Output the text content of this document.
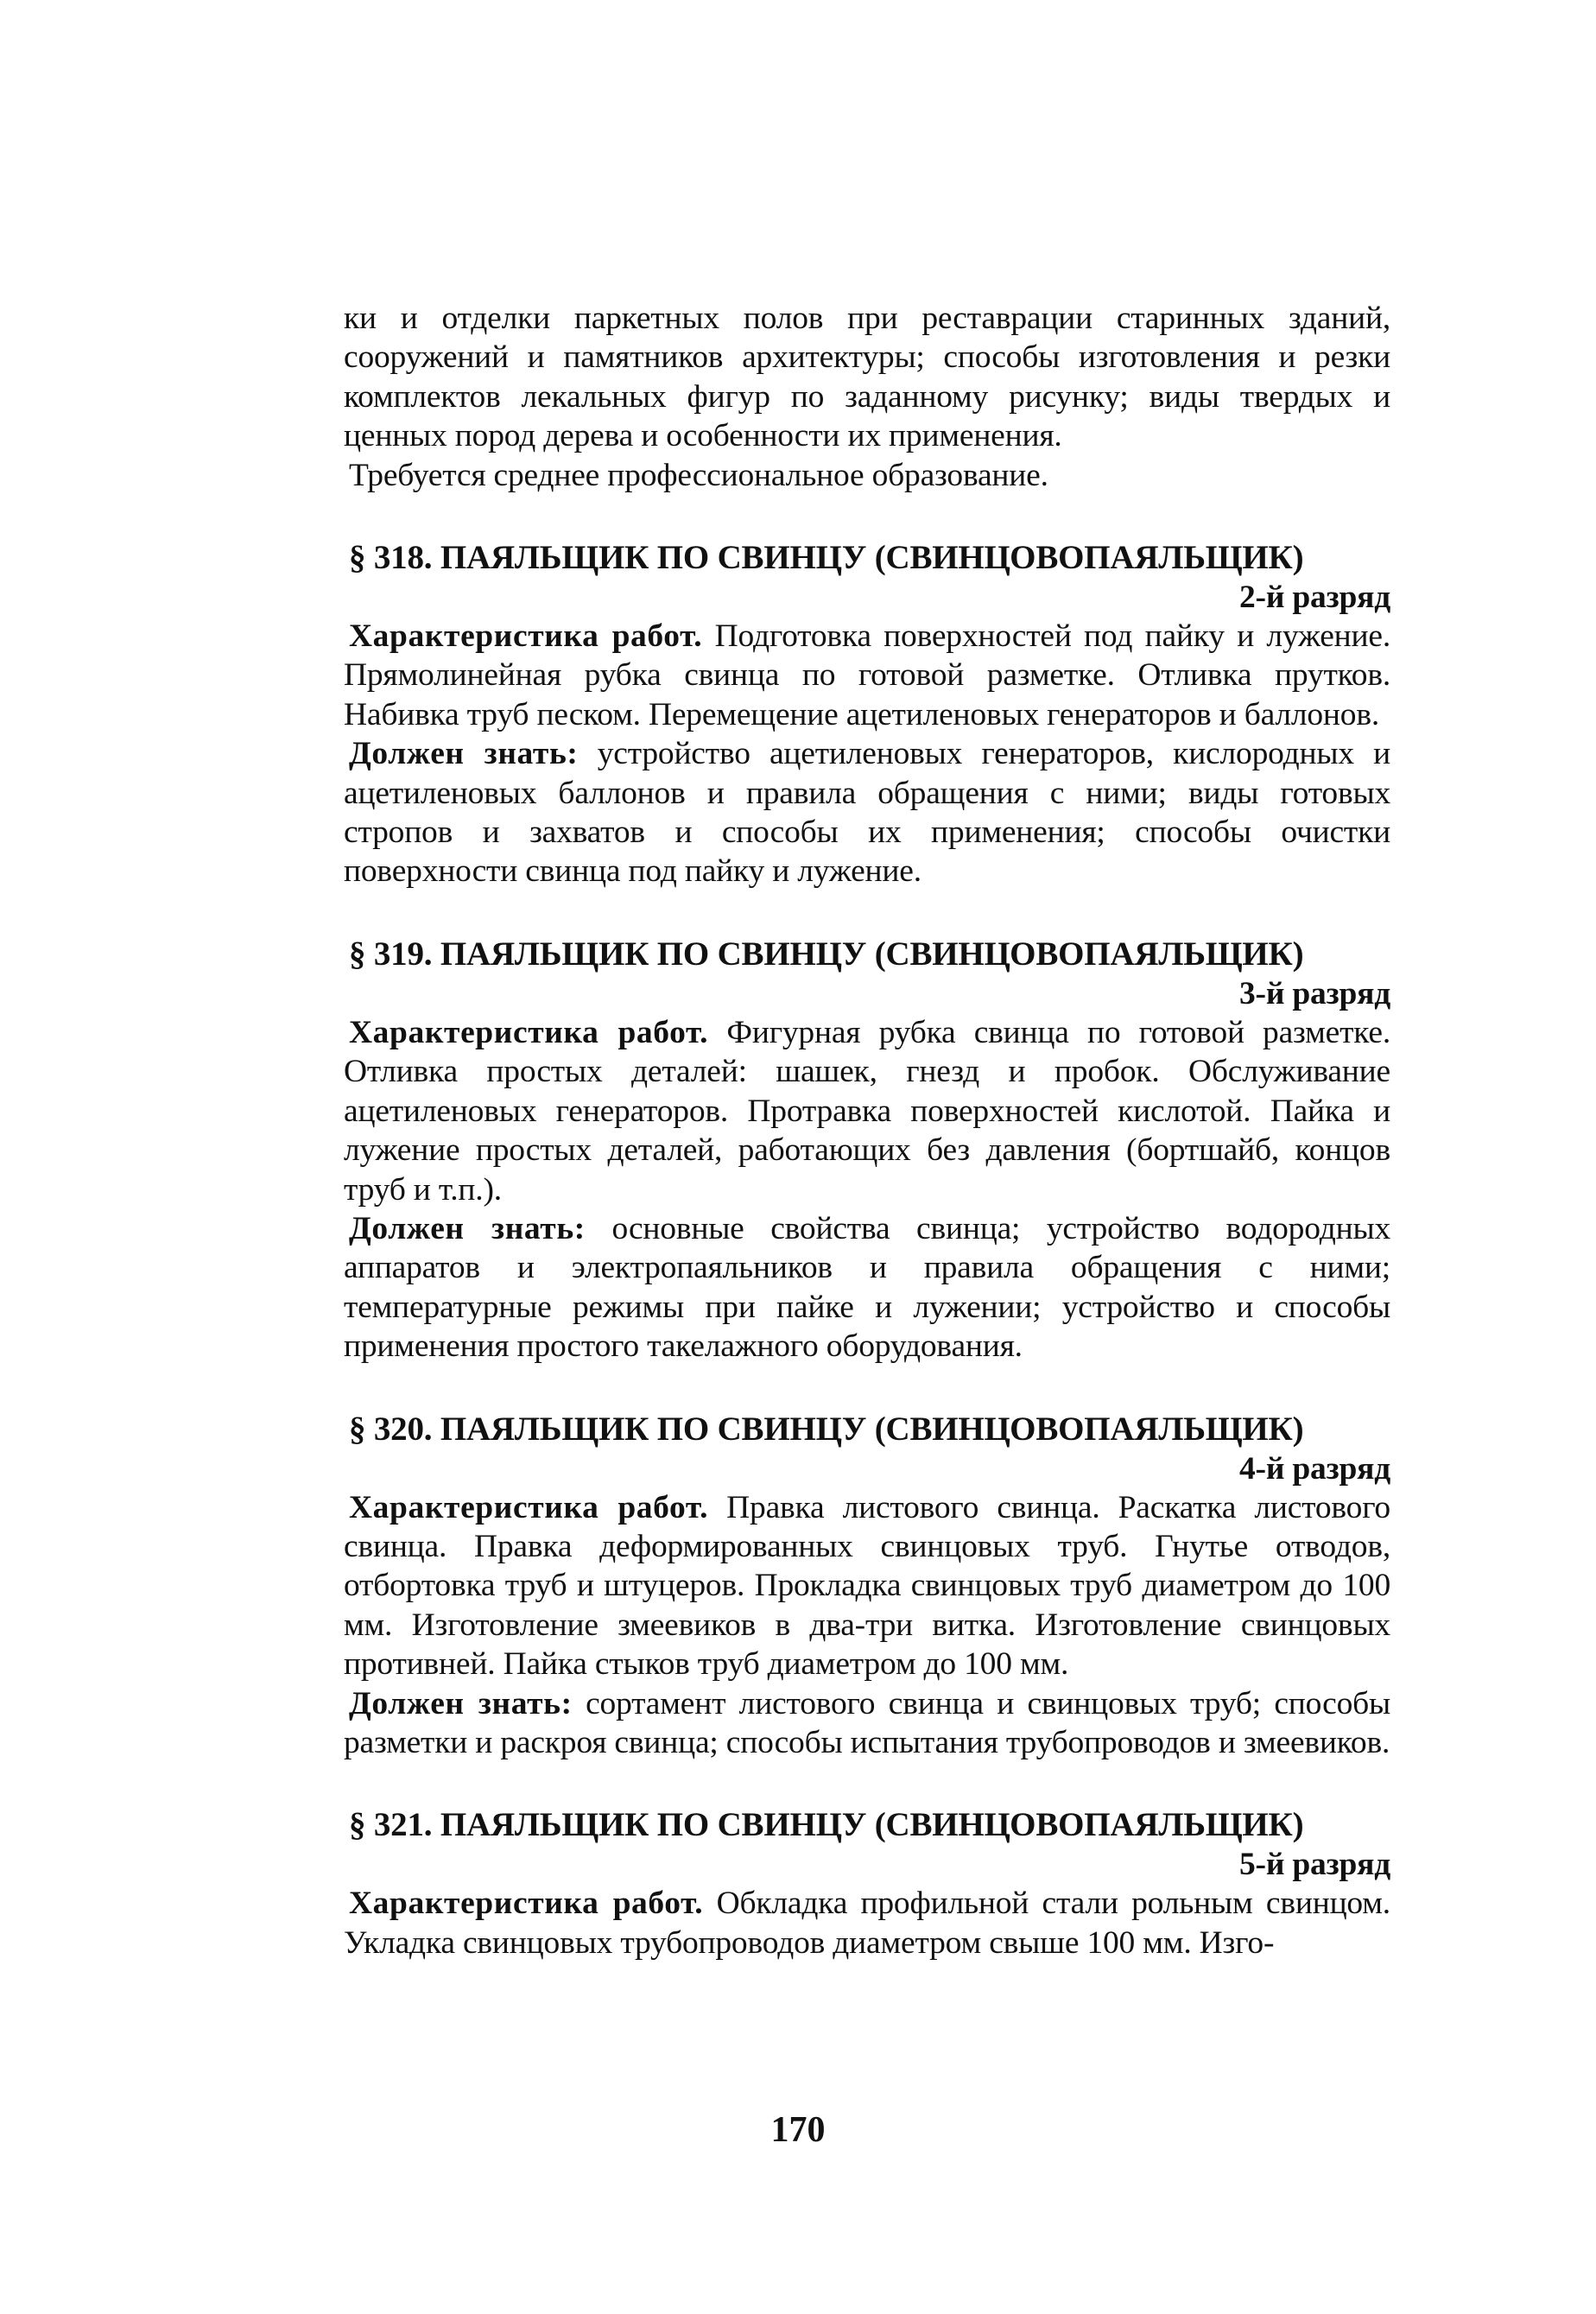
ки и отделки паркетных полов при реставрации старинных зданий, сооружений и памятников архитектуры; способы изготовления и резки комплектов лекальных фигур по заданному рисунку; виды твердых и ценных пород дерева и особенности их применения.

Требуется среднее профессиональное образование.

§ 318. ПАЯЛЬЩИК ПО СВИНЦУ (СВИНЦОВОПАЯЛЬЩИК)
2-й разряд

Характеристика работ. Подготовка поверхностей под пайку и лужение. Прямолинейная рубка свинца по готовой разметке. Отливка прутков. Набивка труб песком. Перемещение ацетиленовых генераторов и баллонов.

Должен знать: устройство ацетиленовых генераторов, кислородных и ацетиленовых баллонов и правила обращения с ними; виды готовых стропов и захватов и способы их применения; способы очистки поверхности свинца под пайку и лужение.

§ 319. ПАЯЛЬЩИК ПО СВИНЦУ (СВИНЦОВОПАЯЛЬЩИК)
3-й разряд

Характеристика работ. Фигурная рубка свинца по готовой разметке. Отливка простых деталей: шашек, гнезд и пробок. Обслуживание ацетиленовых генераторов. Протравка поверхностей кислотой. Пайка и лужение простых деталей, работающих без давления (бортшайб, концов труб и т.п.).

Должен знать: основные свойства свинца; устройство водородных аппаратов и электропаяльников и правила обращения с ними; температурные режимы при пайке и лужении; устройство и способы применения простого такелажного оборудования.

§ 320. ПАЯЛЬЩИК ПО СВИНЦУ (СВИНЦОВОПАЯЛЬЩИК)
4-й разряд

Характеристика работ. Правка листового свинца. Раскатка листового свинца. Правка деформированных свинцовых труб. Гнутье отводов, отбортовка труб и штуцеров. Прокладка свинцовых труб диаметром до 100 мм. Изготовление змеевиков в два-три витка. Изготовление свинцовых противней. Пайка стыков труб диаметром до 100 мм.

Должен знать: сортамент листового свинца и свинцовых труб; способы разметки и раскроя свинца; способы испытания трубопроводов и змеевиков.

§ 321. ПАЯЛЬЩИК ПО СВИНЦУ (СВИНЦОВОПАЯЛЬЩИК)
5-й разряд

Характеристика работ. Обкладка профильной стали рольным свинцом. Укладка свинцовых трубопроводов диаметром свыше 100 мм. Изго-

170
